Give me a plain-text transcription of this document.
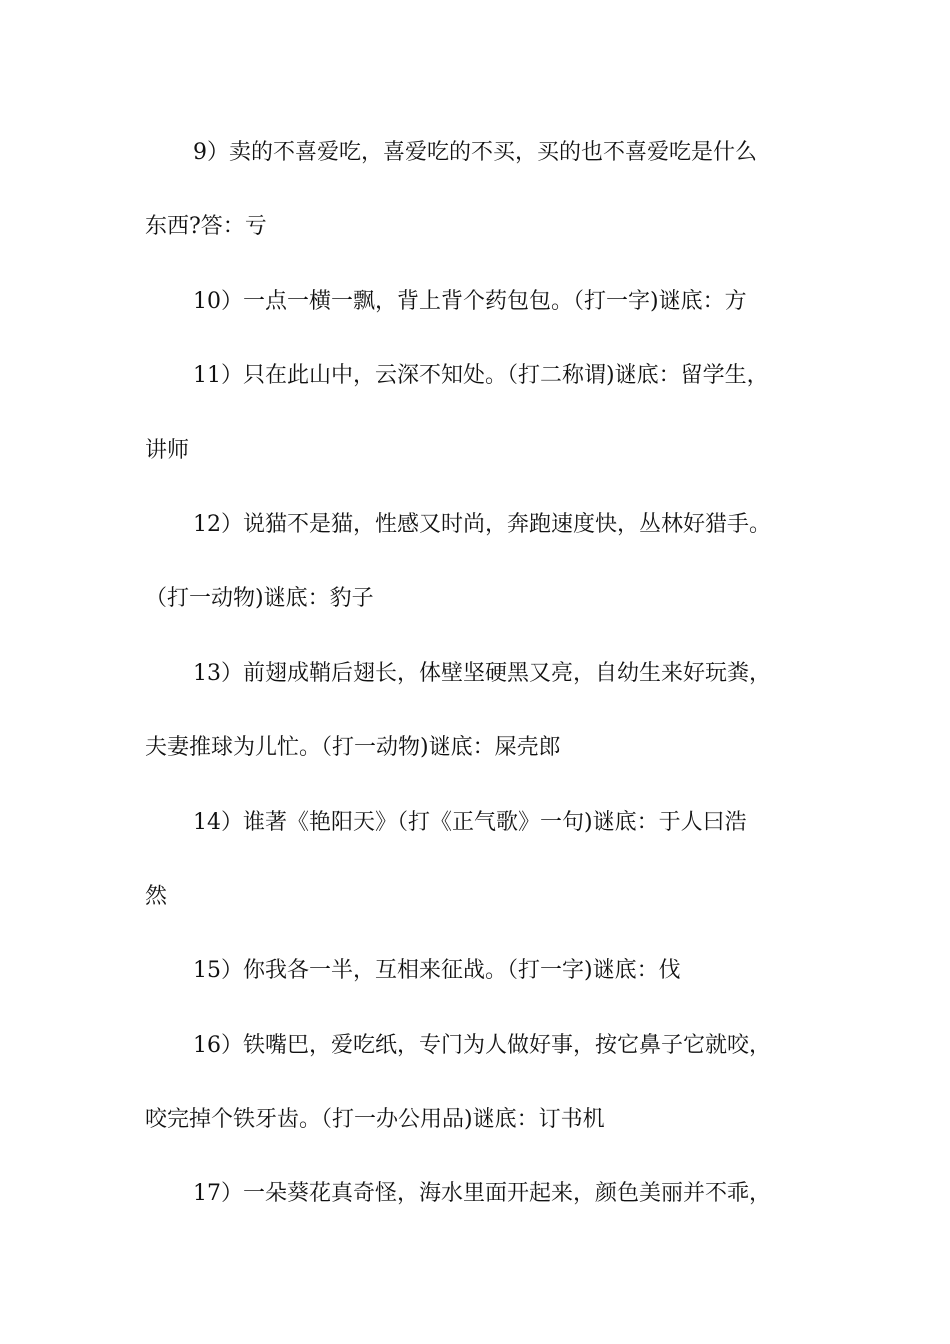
9）卖的不喜爱吃，喜爱吃的不买，买的也不喜爱吃是什么

东西?答：亏

10）一点一横一飘，背上背个药包包。（打一字)谜底：方

11）只在此山中，云深不知处。（打二称谓)谜底：留学生，

讲师

12）说猫不是猫，性感又时尚，奔跑速度快，丛林好猎手。

（打一动物)谜底：豹子

13）前翅成鞘后翅长，体壁坚硬黑又亮，自幼生来好玩粪，

夫妻推球为儿忙。（打一动物)谜底：屎壳郎

14）谁著《艳阳天》（打《正气歌》一句)谜底：于人曰浩

然

15）你我各一半，互相来征战。（打一字)谜底：伐

16）铁嘴巴，爱吃纸，专门为人做好事，按它鼻子它就咬，

咬完掉个铁牙齿。（打一办公用品)谜底：订书机

17）一朵葵花真奇怪，海水里面开起来，颜色美丽并不乖，
